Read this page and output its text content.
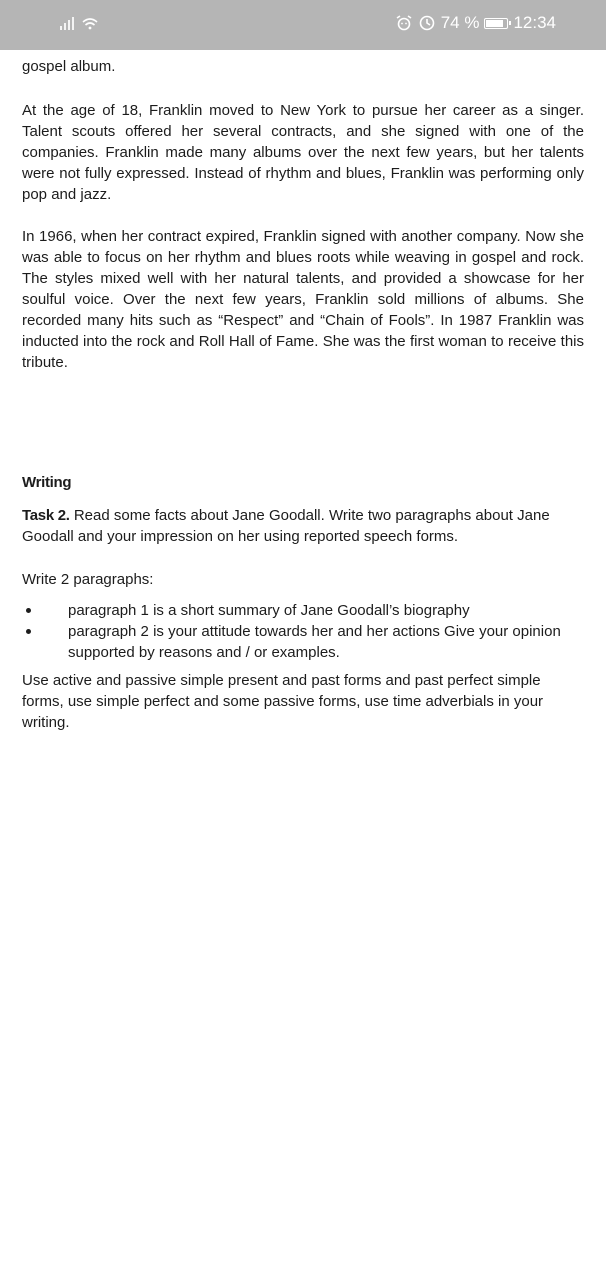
74 % 12:34

gospel album.

At the age of 18, Franklin moved to New York to pursue her career as a singer. Talent scouts offered her several contracts, and she signed with one of the companies. Franklin made many albums over the next few years, but her talents were not fully expressed. Instead of rhythm and blues, Franklin was performing only pop and jazz.

In 1966, when her contract expired, Franklin signed with another company. Now she was able to focus on her rhythm and blues roots while weaving in gospel and rock. The styles mixed well with her natural talents, and provided a showcase for her soulful voice. Over the next few years, Franklin sold millions of albums. She recorded many hits such as “Respect” and “Chain of Fools”. In 1987 Franklin was inducted into the rock and Roll Hall of Fame. She was the first woman to receive this tribute.

Writing

Task 2. Read some facts about Jane Goodall. Write two paragraphs about Jane Goodall and your impression on her using reported speech forms.

Write 2 paragraphs:

paragraph 1 is a short summary of Jane Goodall’s biography
paragraph 2 is your attitude towards her and her actions Give your opinion supported by reasons and / or examples.

Use active and passive simple present and past forms and past perfect simple forms, use simple perfect and some passive forms, use time adverbials in your writing.
